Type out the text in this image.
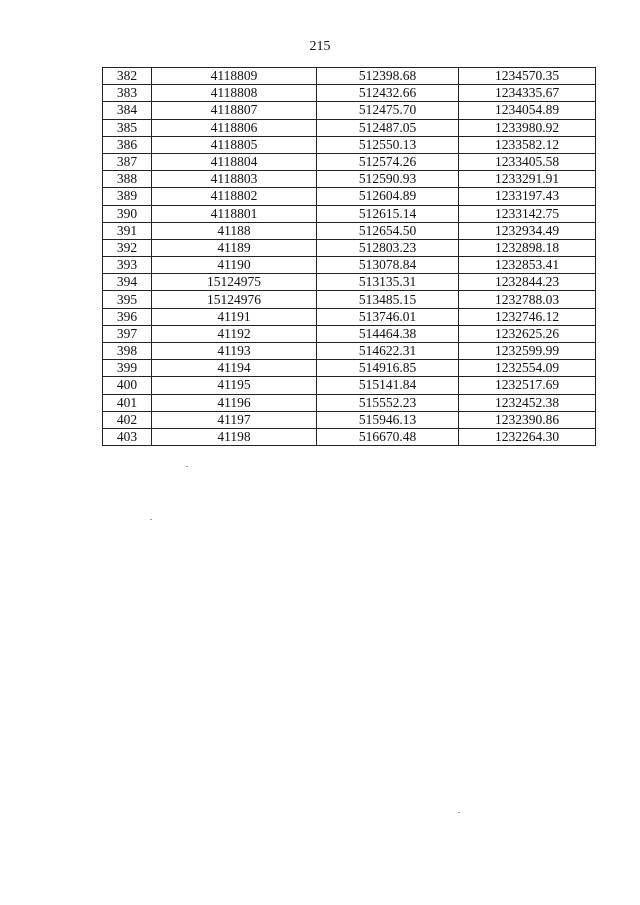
215
382	4118809	512398.68	1234570.35
383	4118808	512432.66	1234335.67
384	4118807	512475.70	1234054.89
385	4118806	512487.05	1233980.92
386	4118805	512550.13	1233582.12
387	4118804	512574.26	1233405.58
388	4118803	512590.93	1233291.91
389	4118802	512604.89	1233197.43
390	4118801	512615.14	1233142.75
391	41188	512654.50	1232934.49
392	41189	512803.23	1232898.18
393	41190	513078.84	1232853.41
394	15124975	513135.31	1232844.23
395	15124976	513485.15	1232788.03
396	41191	513746.01	1232746.12
397	41192	514464.38	1232625.26
398	41193	514622.31	1232599.99
399	41194	514916.85	1232554.09
400	41195	515141.84	1232517.69
401	41196	515552.23	1232452.38
402	41197	515946.13	1232390.86
403	41198	516670.48	1232264.30
